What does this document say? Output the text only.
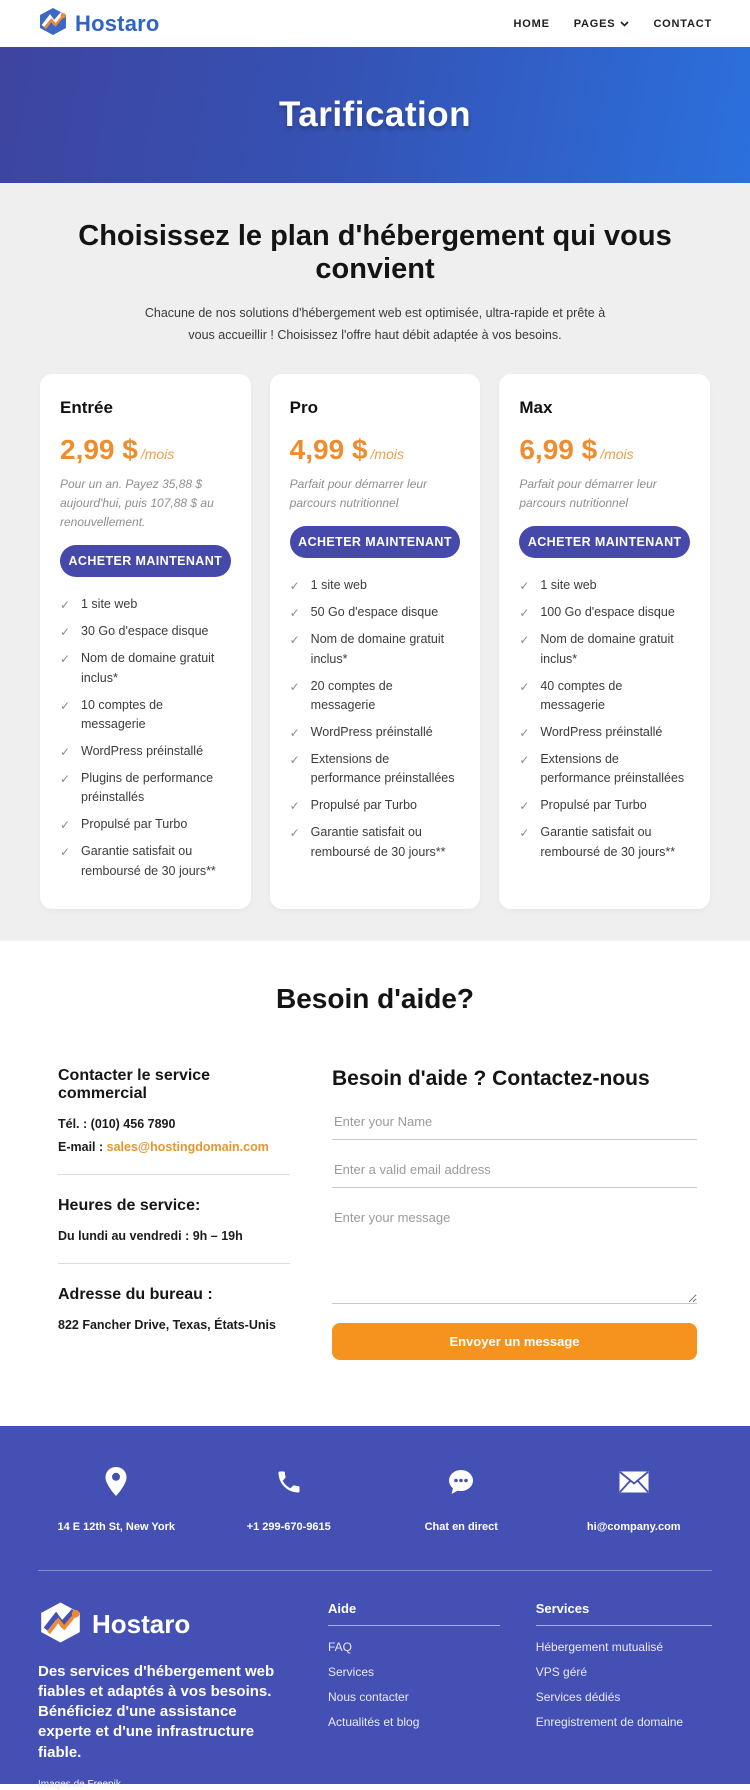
Hostaro	HOME PAGES	CONTACT
Tarification
Choisissez le plan d'hébergement qui vous convient

Chacune de nos solutions d'hébergement web est optimisée, ultra-rapide et prête à vous accueillir ! Choisissez l'offre haut débit adaptée à vos besoins.

Entrée
2,99 $ /mois

Pour un an. Payez 35,88 $ aujourd'hui, puis 107,88 $ au renouvellement.

ACHETER MAINTENANT
✓ 1 site web
✓ 30 Go d'espace disque
✓ Nom de domaine gratuit inclus*
✓ 10 comptes de messagerie
✓ WordPress préinstallé
✓ Plugins de performance préinstallés
✓ Propulsé par Turbo
✓ Garantie satisfait ou remboursé de 30 jours**
Pro
4,99 $ /mois

Parfait pour démarrer leur parcours nutritionnel

ACHETER MAINTENANT
✓ 1 site web
✓ 50 Go d'espace disque
✓ Nom de domaine gratuit inclus*
✓ 20 comptes de messagerie
✓ WordPress préinstallé
✓ Extensions de performance préinstallées
✓ Propulsé par Turbo
✓ Garantie satisfait ou remboursé de 30 jours**
Max
6,99 $ /mois

Parfait pour démarrer leur parcours nutritionnel

ACHETER MAINTENANT
✓ 1 site web
✓ 100 Go d'espace disque
✓ Nom de domaine gratuit inclus*
✓ 40 comptes de messagerie
✓ WordPress préinstallé
✓ Extensions de performance préinstallées
✓ Propulsé par Turbo
✓ Garantie satisfait ou remboursé de 30 jours**
Besoin d'aide?
Contacter le service commercial
Tél. : (010) 456 7890
E-mail : sales@hostingdomain.com
Heures de service:
Du lundi au vendredi : 9h – 19h
Adresse du bureau :
822 Fancher Drive, Texas, États-Unis
Besoin d'aide ? Contactez-nous
Enter your Name Enter a valid email address Enter your message Envoyer un message
14 E 12th St, New York	+1 299-670-9615	Chat en direct	hi@company.com
Hostaro

Des services d'hébergement web fiables et adaptés à vos besoins. Bénéficiez d'une assistance experte et d'une infrastructure fiable.

Images de Freepik

Aide
FAQ
Services
Nous contacter
Actualités et blog
Services
Hébergement mutualisé
VPS géré
Services dédiés
Enregistrement de domaine
